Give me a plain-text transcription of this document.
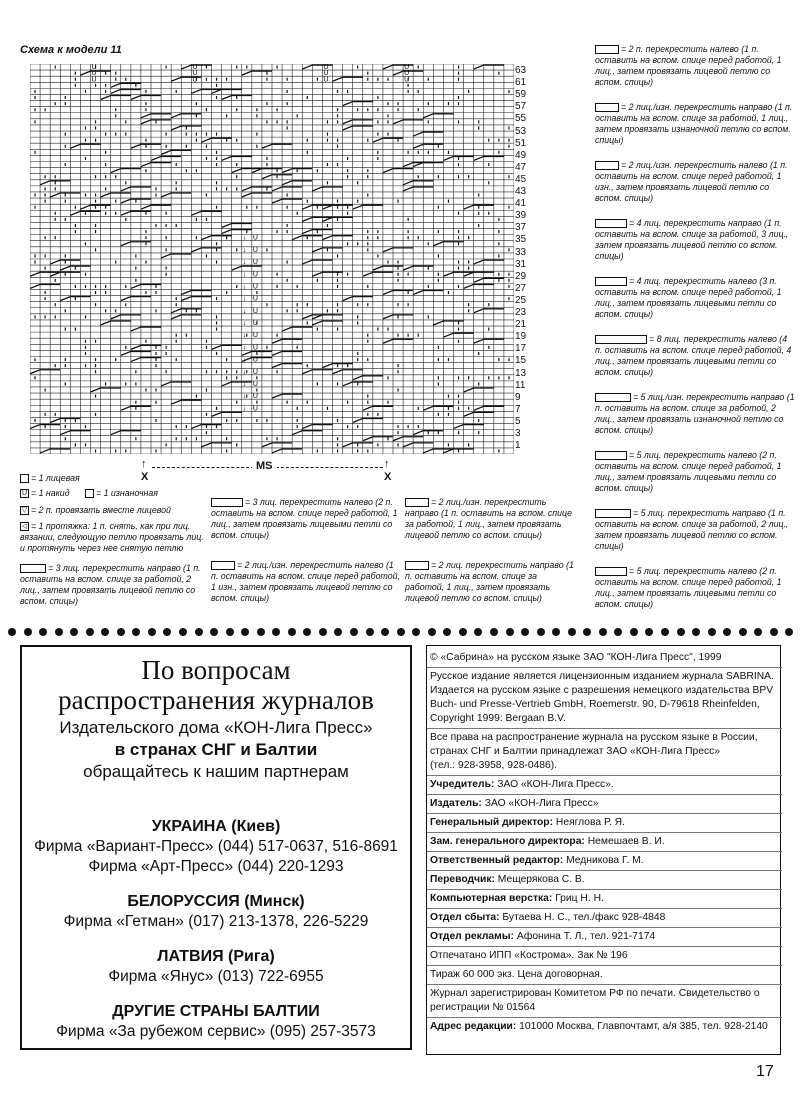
Схема к модели 11
U
U
U
U
U
U
U
U
U
U
U
U
↓
↓
↓
↓
↓
↓
↓
↓
↓
↓
↓
↓
↓
↓
↓
U
U
U
U
U
U
U
U
U
U
U
U
U
U
U
63
61
59
57
55
53
51
49
47
45
43
41
39
37
35
33
31
29
27
25
23
21
19
17
15
13
11
9
7
5
3
1
↑
X
MS	↑
X
= 1 лицевая
U = 1 накид	= 1 изнаночная
▽ = 2 п. провязать вместе лицевой
◁ = 1 протяжка: 1 п. снять, как при лиц. вязании, следующую петлю провязать лиц. и протянуть через нее снятую петлю
= 3 лиц. перекрестить направо (1 п. оставить на вспом. спице за работой, 2 лиц., затем провязать лицевой петлю со вспом. спицы)
= 3 лиц. перекрестить налево (2 п. оставить на вспом. спице перед работой, 1 лиц., затем провязать лицевыми петли со вспом. спицы)
= 2 лиц./изн. перекрестить налево (1 п. оставить на вспом. спице перед работой, 1 изн., затем провязать лицевой петлю со вспом. спицы)
= 2 лиц./изн. перекрестить направо (1 п. оставить на вспом. спице за работой, 1 лиц., затем провязать лицевой петлю со вспом. спицы)
= 2 лиц. перекрестить направо (1 п. оставить на вспом. спице за работой, 1 лиц., затем провязать лицевой петлю со вспом. спицы)
= 2 п. перекрестить налево (1 п. оставить на вспом. спице перед работой, 1 лиц., затем провязать лицевой петлю со вспом. спицы)
= 2 лиц./изн. перекрестить направо (1 п. оставить на вспом. спице за работой, 1 лиц., затем провязать изнаночной петлю со вспом. спицы)
= 2 лиц./изн. перекрестить налево (1 п. оставить на вспом. спице перед работой, 1 изн., затем провязать лицевой петлю со вспом. спицы)
= 4 лиц. перекрестить направо (1 п. оставить на вспом. спице за работой, 3 лиц., затем провязать лицевой петлю со вспом. спицы)
= 4 лиц. перекрестить налево (3 п. оставить на вспом. спице перед работой, 1 лиц., затем провязать лицевыми петли со вспом. спицы)
= 8 лиц. перекрестить налево (4 п. оставить на вспом. спице перед работой, 4 лиц., затем провязать лицевыми петли со вспом. спицы)
= 5 лиц./изн. перекрестить направо (1 п. оставить на вспом. спице за работой, 2 лиц., затем провязать изнаночной петлю со вспом. спицы)
= 5 лиц. перекрестить налево (2 п. оставить на вспом. спице перед работой, 1 лиц., затем провязать лицевыми петли со вспом. спицы)
= 5 лиц. перекрестить направо (1 п. оставить на вспом. спице за работой, 2 лиц., затем провязать лицевой петлю со вспом. спицы)
= 5 лиц. перекрестить налево (2 п. оставить на вспом. спице перед работой, 1 лиц., затем провязать лицевыми петли со вспом. спицы)
По вопросам
распространения журналов
Издательского дома «КОН-Лига Пресс»
в странах СНГ и Балтии
обращайтесь к нашим партнерам
УКРАИНА (Киев)
Фирма «Вариант-Пресс» (044) 517-0637, 516-8691
Фирма «Арт-Пресс» (044) 220-1293
БЕЛОРУССИЯ (Минск)
Фирма «Гетман» (017) 213-1378, 226-5229
ЛАТВИЯ (Рига)
Фирма «Янус» (013) 722-6955
ДРУГИЕ СТРАНЫ БАЛТИИ
Фирма «За рубежом сервис» (095) 257-3573
© «Сабрина» на русском языке ЗАО "КОН-Лига Пресс", 1999
Русское издание является лицензионным изданием журнала SABRINA.
Издается на русском языке с разрешения немецкого издательства BPV
Buch- und Presse-Vertrieb GmbH, Roemerstr. 90, D-79618 Rheinfelden,
Copyright 1999: Bergaan B.V.
Все права на распространение журнала на русском языке в России,
странах СНГ и Балтии принадлежат ЗАО «КОН-Лига Пресс»
(тел.: 928-3958, 928-0486).
Учредитель: ЗАО «КОН-Лига Пресс».
Издатель: ЗАО «КОН-Лига Пресс»
Генеральный директор: Неяглова Р. Я.
Зам. генерального директора: Немешаев В. И.
Ответственный редактор: Медникова Г. М.
Переводчик: Мещерякова С. В.
Компьютерная верстка: Гриц Н. Н.
Отдел сбыта: Бутаева Н. С., тел./факс 928-4848
Отдел рекламы: Афонина Т. Л., тел. 921-7174
Отпечатано ИПП «Кострома». Зак № 196
Тираж 60 000 экз. Цена договорная.
Журнал зарегистрирован Комитетом РФ по печати. Свидетельство о
регистрации № 01564
Адрес редакции: 101000 Москва, Главпочтамт, а/я 385, тел. 928-2140
17
